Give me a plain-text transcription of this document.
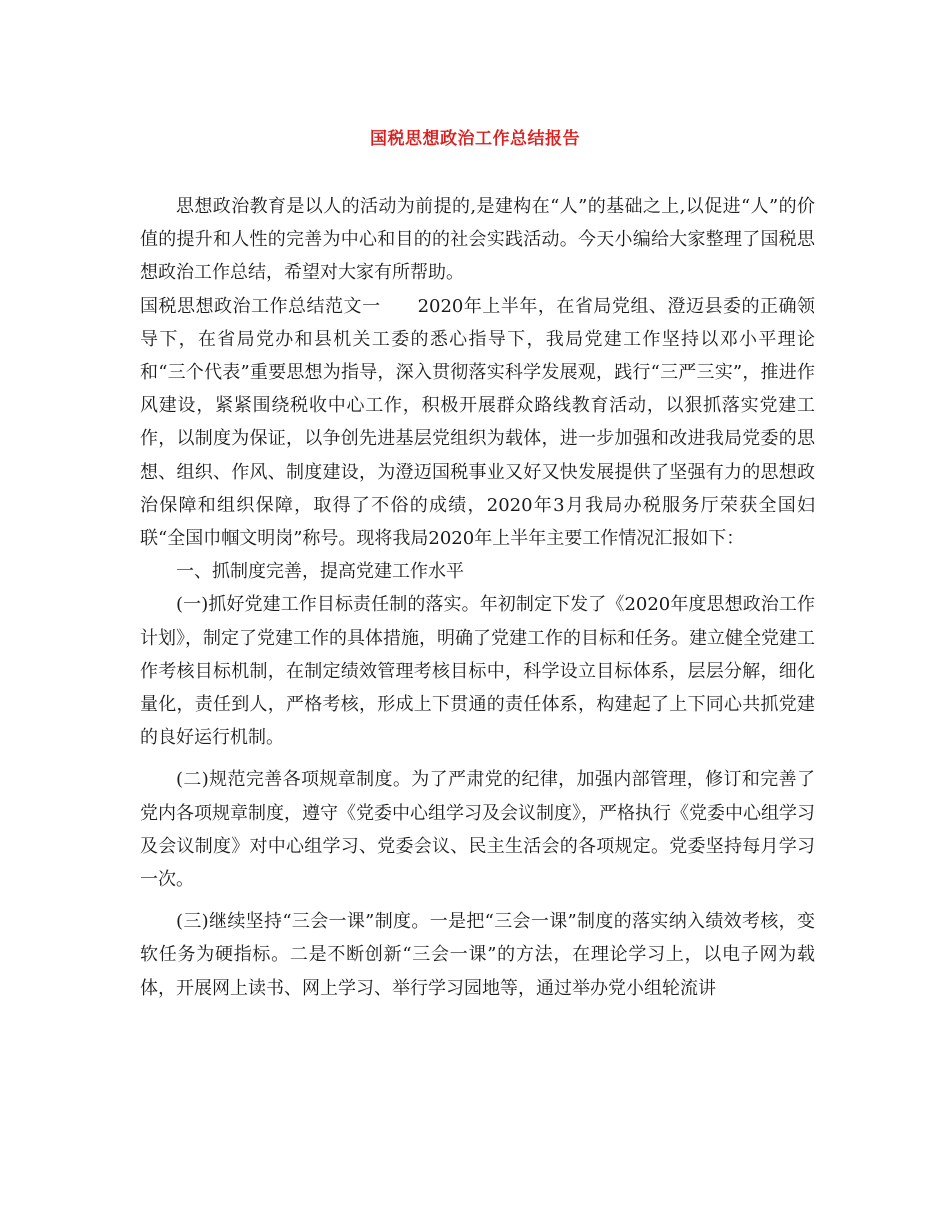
国税思想政治工作总结报告

思想政治教育是以人的活动为前提的,是建构在“人”的基础之上,以促进“人”的价值的提升和人性的完善为中心和目的的社会实践活动。今天小编给大家整理了国税思想政治工作总结，希望对大家有所帮助。

国税思想政治工作总结范文一　　2020年上半年，在省局党组、澄迈县委的正确领导下，在省局党办和县机关工委的悉心指导下，我局党建工作坚持以邓小平理论和“三个代表”重要思想为指导，深入贯彻落实科学发展观，践行“三严三实”，推进作风建设，紧紧围绕税收中心工作，积极开展群众路线教育活动，以狠抓落实党建工作，以制度为保证，以争创先进基层党组织为载体，进一步加强和改进我局党委的思想、组织、作风、制度建设，为澄迈国税事业又好又快发展提供了坚强有力的思想政治保障和组织保障，取得了不俗的成绩，2020年3月我局办税服务厅荣获全国妇联“全国巾帼文明岗”称号。现将我局2020年上半年主要工作情况汇报如下：

一、抓制度完善，提高党建工作水平

(一)抓好党建工作目标责任制的落实。年初制定下发了《2020年度思想政治工作计划》，制定了党建工作的具体措施，明确了党建工作的目标和任务。建立健全党建工作考核目标机制，在制定绩效管理考核目标中，科学设立目标体系，层层分解，细化量化，责任到人，严格考核，形成上下贯通的责任体系，构建起了上下同心共抓党建的良好运行机制。

(二)规范完善各项规章制度。为了严肃党的纪律，加强内部管理，修订和完善了党内各项规章制度，遵守《党委中心组学习及会议制度》，严格执行《党委中心组学习及会议制度》对中心组学习、党委会议、民主生活会的各项规定。党委坚持每月学习一次。

(三)继续坚持“三会一课”制度。一是把“三会一课”制度的落实纳入绩效考核，变软任务为硬指标。二是不断创新“三会一课”的方法，在理论学习上，以电子网为载体，开展网上读书、网上学习、举行学习园地等，通过举办党小组轮流讲
